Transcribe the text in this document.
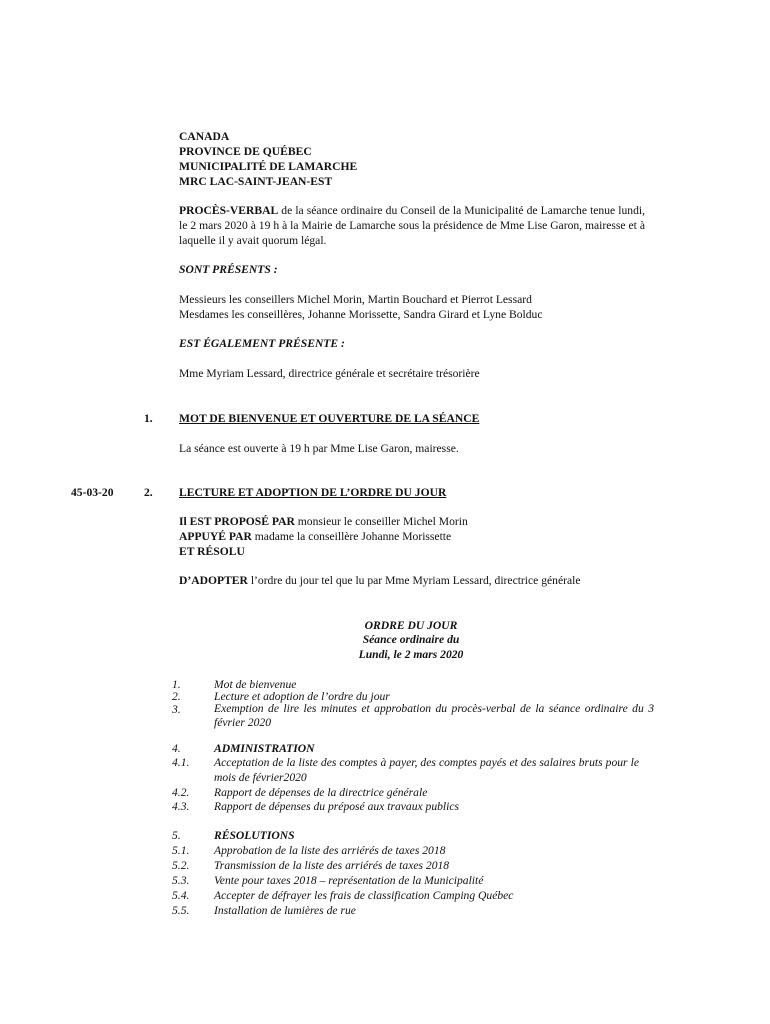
CANADA
PROVINCE DE QUÉBEC
MUNICIPALITÉ DE LAMARCHE
MRC LAC-SAINT-JEAN-EST
PROCÈS-VERBAL de la séance ordinaire du Conseil de la Municipalité de Lamarche tenue lundi, le 2 mars 2020 à 19 h à la Mairie de Lamarche sous la présidence de Mme Lise Garon, mairesse et à laquelle il y avait quorum légal.
SONT PRÉSENTS :
Messieurs les conseillers Michel Morin, Martin Bouchard et Pierrot Lessard
Mesdames les conseillères, Johanne Morissette, Sandra Girard et Lyne Bolduc
EST ÉGALEMENT PRÉSENTE :
Mme Myriam Lessard, directrice générale et secrétaire trésorière
1. MOT DE BIENVENUE ET OUVERTURE DE LA SÉANCE
La séance est ouverte à 19 h par Mme Lise Garon, mairesse.
45-03-20	2. LECTURE ET ADOPTION DE L’ORDRE DU JOUR
Il EST PROPOSÉ PAR monsieur le conseiller Michel Morin
APPUYÉ PAR madame la conseillère Johanne Morissette
ET RÉSOLU
D’ADOPTER l’ordre du jour tel que lu par Mme Myriam Lessard, directrice générale
ORDRE DU JOUR
Séance ordinaire du
Lundi, le 2 mars 2020
1.	Mot de bienvenue
2.	Lecture et adoption de l’ordre du jour
3.	Exemption de lire les minutes et approbation du procès-verbal de la séance ordinaire du 3 février 2020
4.	ADMINISTRATION
4.1. Acceptation de la liste des comptes à payer, des comptes payés et des salaires bruts pour le mois de février2020
4.2. Rapport de dépenses de la directrice générale
4.3. Rapport de dépenses du préposé aux travaux publics
5.	RÉSOLUTIONS
5.1. Approbation de la liste des arriérés de taxes 2018
5.2. Transmission de la liste des arriérés de taxes 2018
5.3. Vente pour taxes 2018 – représentation de la Municipalité
5.4. Accepter de défrayer les frais de classification Camping Québec
5.5. Installation de lumières de rue
